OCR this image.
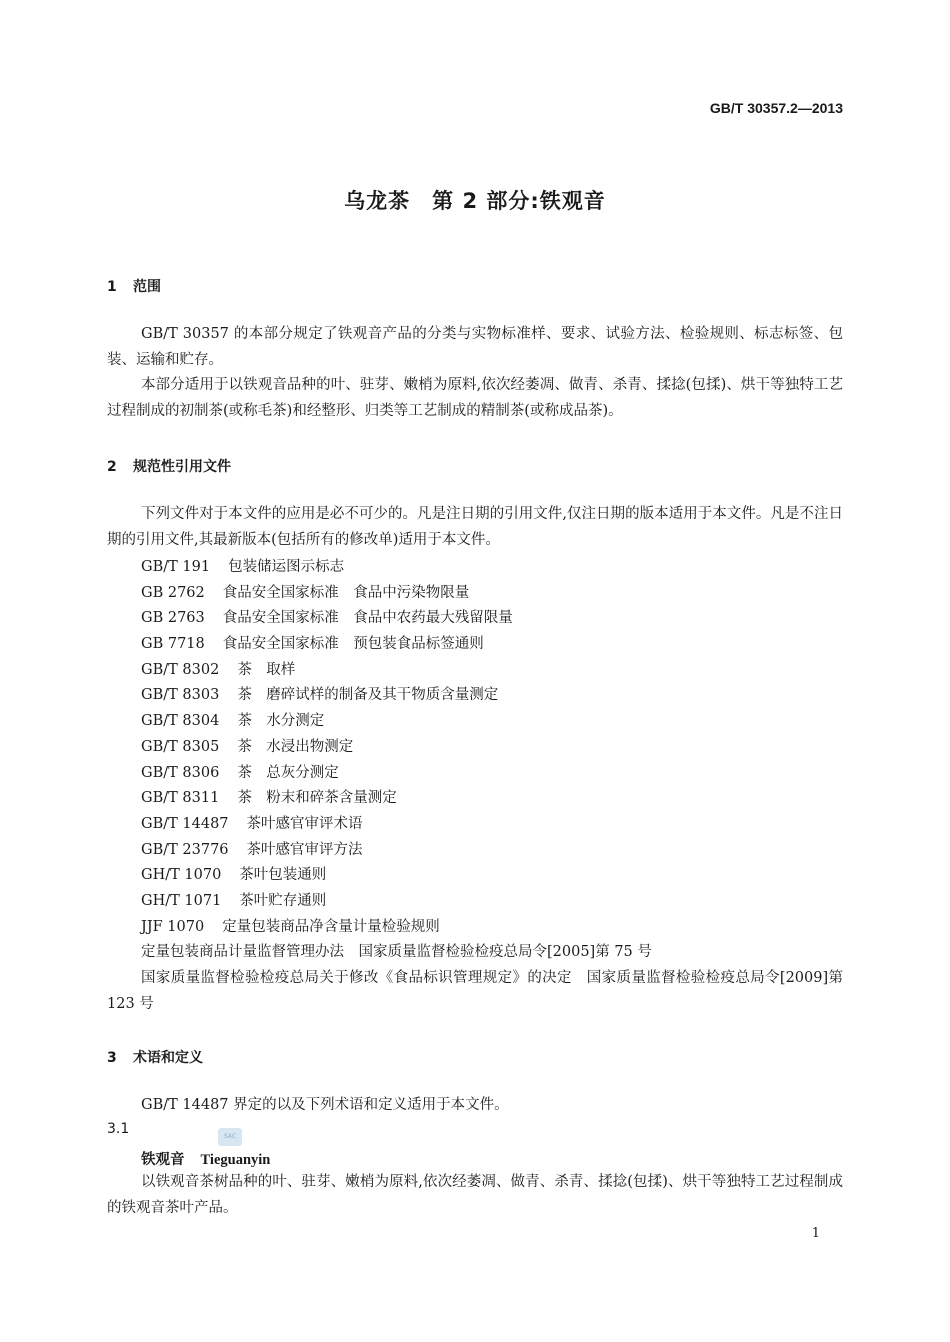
GB/T 30357.2—2013
乌龙茶　第 2 部分:铁观音
1 范围
GB/T 30357 的本部分规定了铁观音产品的分类与实物标准样、要求、试验方法、检验规则、标志标签、包装、运输和贮存。
本部分适用于以铁观音品种的叶、驻芽、嫩梢为原料,依次经萎凋、做青、杀青、揉捻(包揉)、烘干等独特工艺过程制成的初制茶(或称毛茶)和经整形、归类等工艺制成的精制茶(或称成品茶)。
2 规范性引用文件
下列文件对于本文件的应用是必不可少的。凡是注日期的引用文件,仅注日期的版本适用于本文件。凡是不注日期的引用文件,其最新版本(包括所有的修改单)适用于本文件。
GB/T 191 包装储运图示标志
GB 2762 食品安全国家标准　食品中污染物限量
GB 2763 食品安全国家标准　食品中农药最大残留限量
GB 7718 食品安全国家标准　预包装食品标签通则
GB/T 8302 茶　取样
GB/T 8303 茶　磨碎试样的制备及其干物质含量测定
GB/T 8304 茶　水分测定
GB/T 8305 茶　水浸出物测定
GB/T 8306 茶　总灰分测定
GB/T 8311 茶　粉末和碎茶含量测定
GB/T 14487 茶叶感官审评术语
GB/T 23776 茶叶感官审评方法
GH/T 1070 茶叶包装通则
GH/T 1071 茶叶贮存通则
JJF 1070 定量包装商品净含量计量检验规则
定量包装商品计量监督管理办法　国家质量监督检验检疫总局令[2005]第 75 号
国家质量监督检验检疫总局关于修改《食品标识管理规定》的决定　国家质量监督检验检疫总局令[2009]第 123 号
3 术语和定义
GB/T 14487 界定的以及下列术语和定义适用于本文件。
3.1	SAC
铁观音 Tieguanyin
以铁观音茶树品种的叶、驻芽、嫩梢为原料,依次经萎凋、做青、杀青、揉捻(包揉)、烘干等独特工艺过程制成的铁观音茶叶产品。
1
